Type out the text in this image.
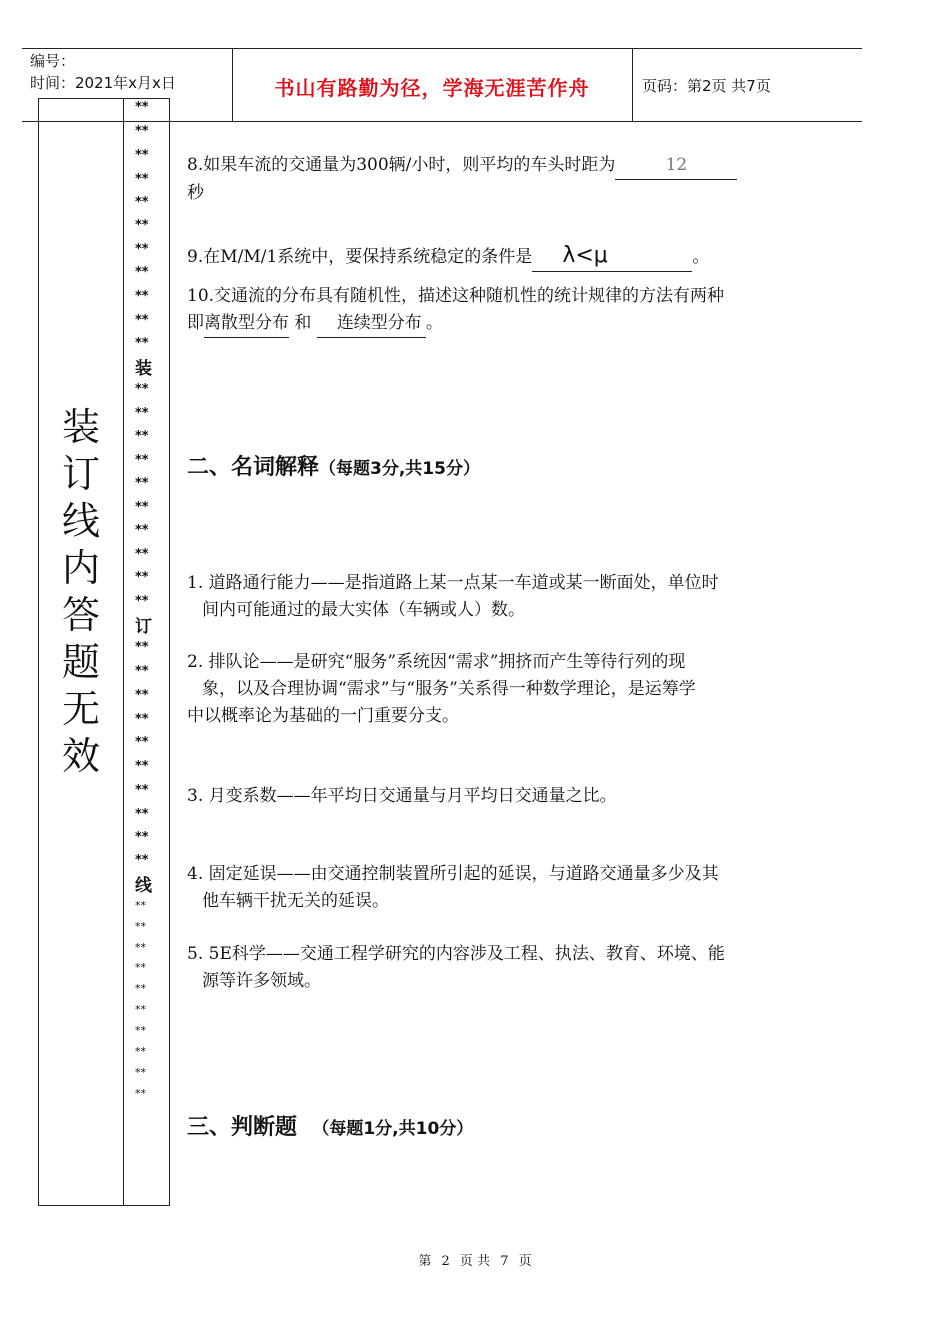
编号：
时间：2021年x月x日	书山有路勤为径，学海无涯苦作舟	页码：第2页 共7页
装
订
线
内
答
题
无
效
**
**
**
**
**
**
**
**
**
**
**
装
**
**
**
**
**
**
**
**
**
**
订
**
**
**
**
**
**
**
**
**
**
线
**
**
**
**
**
**
**
**
**
**
8.如果车流的交通量为300辆/小时，则平均的车头时距为	12
秒
9.在M/M/1系统中，要保持系统稳定的条件是 λ<μ	。
10.交通流的分布具有随机性，描述这种随机性的统计规律的方法有两种
即离散型分布 和 连续型分布 。
二、名词解释（每题3分,共15分）
1. 道路通行能力——是指道路上某一点某一车道或某一断面处，单位时
间内可能通过的最大实体（车辆或人）数。
2. 排队论——是研究“服务”系统因“需求”拥挤而产生等待行列的现
象，以及合理协调“需求”与“服务”关系得一种数学理论，是运筹学
中以概率论为基础的一门重要分支。
3. 月变系数——年平均日交通量与月平均日交通量之比。
4. 固定延误——由交通控制装置所引起的延误，与道路交通量多少及其
他车辆干扰无关的延误。
5. 5E科学——交通工程学研究的内容涉及工程、执法、教育、环境、能
源等许多领域。
三、判断题 （每题1分,共10分）
第 2 页 共 7 页
